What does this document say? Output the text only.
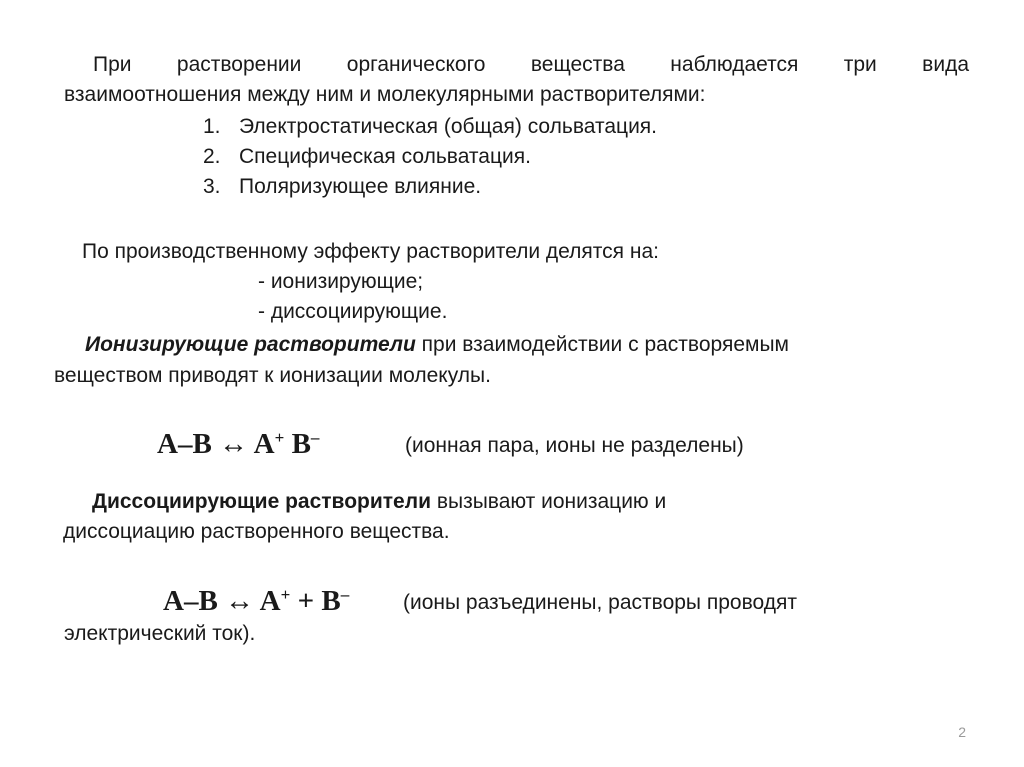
При растворении органического вещества наблюдается три вида

взаимоотношения между ним и молекулярными растворителями:

1. Электростатическая (общая) сольватация.
2. Специфическая сольватация.
3. Поляризующее влияние.

По производственному эффекту растворители делятся на:

- ионизирующие;

- диссоциирующие.

Ионизирующие растворители при взаимодействии с растворяемым

веществом приводят к ионизации молекулы.

A–B ↔ A+ B–	(ионная пара, ионы не разделены)

Диссоциирующие растворители вызывают ионизацию и

диссоциацию растворенного вещества.

A–B ↔ A+ + B–	(ионы разъединены, растворы проводят

электрический ток).

2
